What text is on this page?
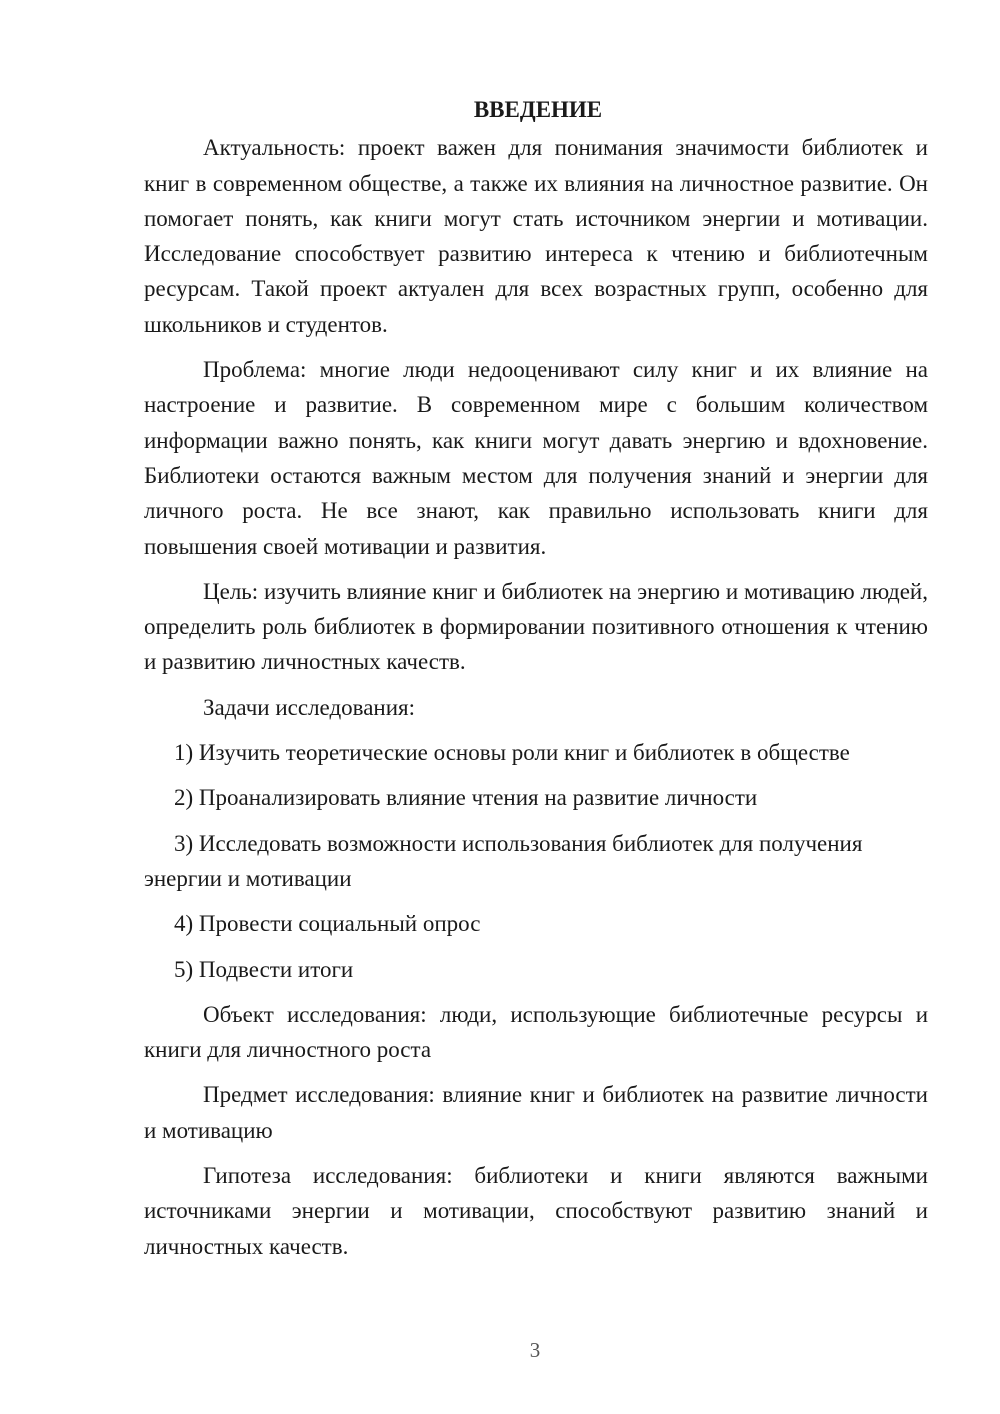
ВВЕДЕНИЕ

Актуальность: проект важен для понимания значимости библиотек и книг в современном обществе, а также их влияния на личностное развитие. Он помогает понять, как книги могут стать источником энергии и мотивации. Исследование способствует развитию интереса к чтению и библиотечным ресурсам. Такой проект актуален для всех возрастных групп, особенно для школьников и студентов.

Проблема: многие люди недооценивают силу книг и их влияние на настроение и развитие. В современном мире с большим количеством информации важно понять, как книги могут давать энергию и вдохновение. Библиотеки остаются важным местом для получения знаний и энергии для личного роста. Не все знают, как правильно использовать книги для повышения своей мотивации и развития.

Цель: изучить влияние книг и библиотек на энергию и мотивацию людей, определить роль библиотек в формировании позитивного отношения к чтению и развитию личностных качеств.

Задачи исследования:

1) Изучить теоретические основы роли книг и библиотек в обществе

2) Проанализировать влияние чтения на развитие личности

3) Исследовать возможности использования библиотек для получения энергии и мотивации

4) Провести социальный опрос

5) Подвести итоги

Объект исследования: люди, использующие библиотечные ресурсы и книги для личностного роста

Предмет исследования: влияние книг и библиотек на развитие личности и мотивацию

Гипотеза исследования: библиотеки и книги являются важными источниками энергии и мотивации, способствуют развитию знаний и личностных качеств.

3
